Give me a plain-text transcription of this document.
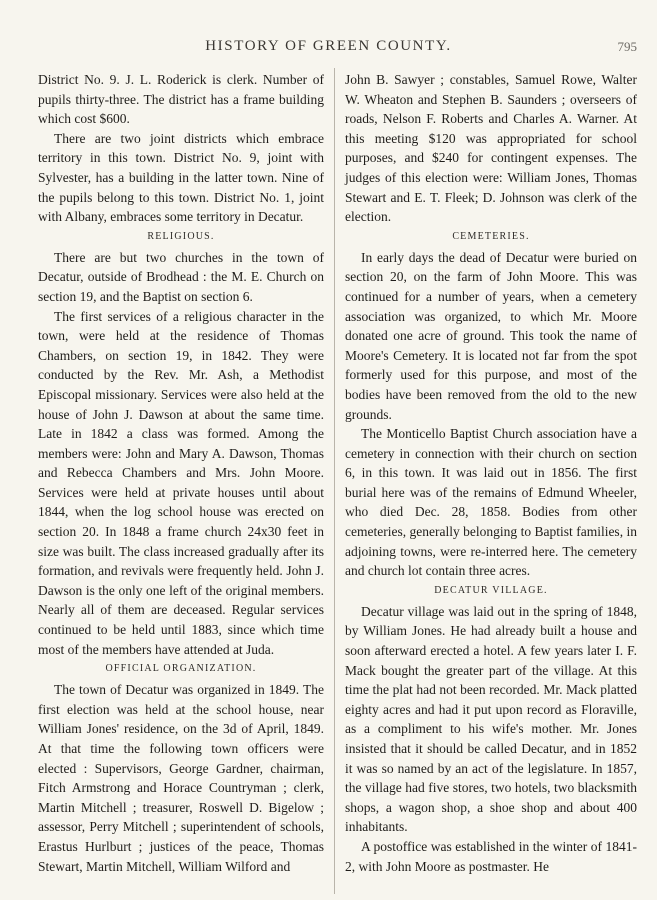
HISTORY OF GREEN COUNTY.	795

District No. 9. J. L. Roderick is clerk. Number of pupils thirty-three. The district has a frame building which cost $600.

There are two joint districts which embrace territory in this town. District No. 9, joint with Sylvester, has a building in the latter town. Nine of the pupils belong to this town. District No. 1, joint with Albany, embraces some territory in Decatur.

RELIGIOUS.

There are but two churches in the town of Decatur, outside of Brodhead : the M. E. Church on section 19, and the Baptist on section 6.

The first services of a religious character in the town, were held at the residence of Thomas Chambers, on section 19, in 1842. They were conducted by the Rev. Mr. Ash, a Methodist Episcopal missionary. Services were also held at the house of John J. Dawson at about the same time. Late in 1842 a class was formed. Among the members were: John and Mary A. Dawson, Thomas and Rebecca Chambers and Mrs. John Moore. Services were held at private houses until about 1844, when the log school house was erected on section 20. In 1848 a frame church 24x30 feet in size was built. The class increased gradually after its formation, and revivals were frequently held. John J. Dawson is the only one left of the original members. Nearly all of them are deceased. Regular services continued to be held until 1883, since which time most of the members have attended at Juda.

OFFICIAL ORGANIZATION.

The town of Decatur was organized in 1849. The first election was held at the school house, near William Jones' residence, on the 3d of April, 1849. At that time the following town officers were elected : Supervisors, George Gardner, chairman, Fitch Armstrong and Horace Countryman ; clerk, Martin Mitchell ; treasurer, Roswell D. Bigelow ; assessor, Perry Mitchell ; superintendent of schools, Erastus Hurlburt ; justices of the peace, Thomas Stewart, Martin Mitchell, William Wilford and

John B. Sawyer ; constables, Samuel Rowe, Walter W. Wheaton and Stephen B. Saunders ; overseers of roads, Nelson F. Roberts and Charles A. Warner. At this meeting $120 was appropriated for school purposes, and $240 for contingent expenses. The judges of this election were: William Jones, Thomas Stewart and E. T. Fleek; D. Johnson was clerk of the election.

CEMETERIES.

In early days the dead of Decatur were buried on section 20, on the farm of John Moore. This was continued for a number of years, when a cemetery association was organized, to which Mr. Moore donated one acre of ground. This took the name of Moore's Cemetery. It is located not far from the spot formerly used for this purpose, and most of the bodies have been removed from the old to the new grounds.

The Monticello Baptist Church association have a cemetery in connection with their church on section 6, in this town. It was laid out in 1856. The first burial here was of the remains of Edmund Wheeler, who died Dec. 28, 1858. Bodies from other cemeteries, generally belonging to Baptist families, in adjoining towns, were re-interred here. The cemetery and church lot contain three acres.

DECATUR VILLAGE.

Decatur village was laid out in the spring of 1848, by William Jones. He had already built a house and soon afterward erected a hotel. A few years later I. F. Mack bought the greater part of the village. At this time the plat had not been recorded. Mr. Mack platted eighty acres and had it put upon record as Floraville, as a compliment to his wife's mother. Mr. Jones insisted that it should be called Decatur, and in 1852 it was so named by an act of the legislature. In 1857, the village had five stores, two hotels, two blacksmith shops, a wagon shop, a shoe shop and about 400 inhabitants.

A postoffice was established in the winter of 1841-2, with John Moore as postmaster. He
